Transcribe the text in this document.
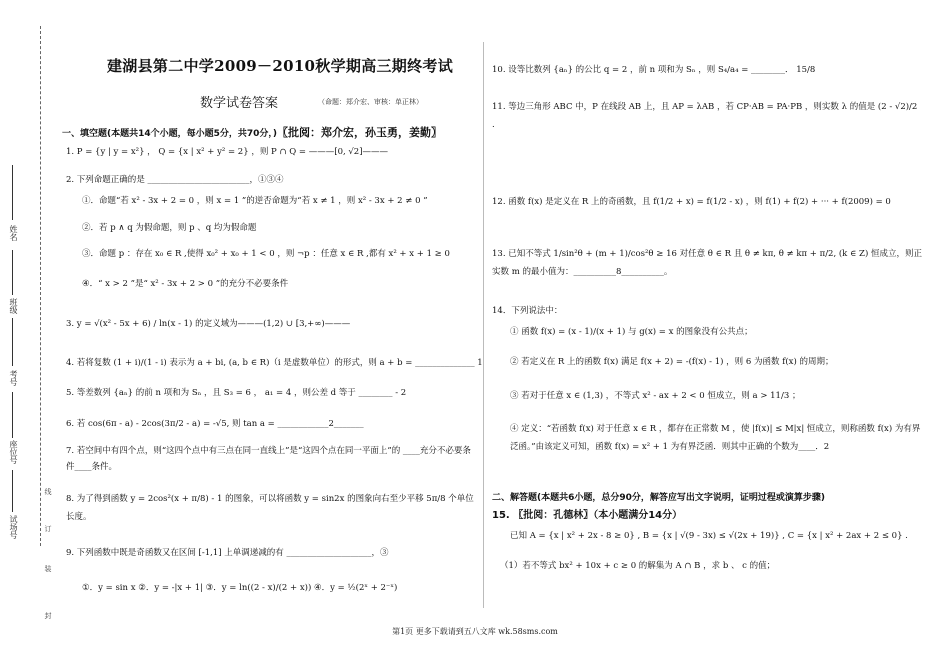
姓名
班级
考号
座位号
试场号
线
订
装
封
建湖县第二中学2009－2010秋学期高三期终考试
数学试卷答案	（命题：郑介宏、审核：单正林）
一、填空题(本题共14个小题，每小题5分，共70分，)〖批阅：郑介宏，孙玉勇，姜勤〗
1. P = {y | y = x²} ， Q = {x | x² + y² = 2} ，则 P ∩ Q = ———[0, √2]———
2. 下列命题正确的是 ________________________，①③④
①．命题“若 x² - 3x + 2 = 0 ，则 x = 1 ”的逆否命题为“若 x ≠ 1 ，则 x² - 3x + 2 ≠ 0 ”
②．若 p ∧ q 为假命题，则 p 、q 均为假命题
③．命题 p ：存在 x₀ ∈ R ,使得 x₀² + x₀ + 1 < 0 ，则 ¬p ：任意 x ∈ R ,都有 x² + x + 1 ≥ 0
④．“ x > 2 ”是“ x² - 3x + 2 > 0 ”的充分不必要条件
3. y = √(x² - 5x + 6) / ln(x - 1) 的定义域为———(1,2) ∪ [3,+∞)———
4. 若将复数 (1 + i)/(1 - i) 表示为 a + bi, (a, b ∈ R)（i 是虚数单位）的形式，则 a + b = ______________ 1
5. 等差数列 {aₙ} 的前 n 项和为 Sₙ ，且 S₃ = 6 ， a₁ = 4 ，则公差 d 等于 ________ - 2
6. 若 cos(6π - a) - 2cos(3π/2 - a) = -√5, 则 tan a = ____________2_______
7. 若空间中有四个点，则“这四个点中有三点在同一直线上”是“这四个点在同一平面上”的 ____充分不必要条件____条件。
8. 为了得到函数 y = 2cos²(x + π/8) - 1 的图象，可以将函数 y = sin2x 的图象向右至少平移 5π/8 个单位长度。
9. 下列函数中既是奇函数又在区间 [-1,1] 上单调递减的有 ____________________，③
①．y = sin x ②．y = -|x + 1| ③．y = ln((2 - x)/(2 + x)) ④．y = ½(2ˣ + 2⁻ˣ)
10. 设等比数列 {aₙ} 的公比 q = 2 ，前 n 项和为 Sₙ ，则 S₄/a₄ = ________． 15/8
11. 等边三角形 ABC 中，P 在线段 AB 上，且 AP = λAB ，若 CP·AB = PA·PB ，则实数 λ 的值是 (2 - √2)/2 .
12. 函数 f(x) 是定义在 R 上的奇函数，且 f(1/2 + x) = f(1/2 - x) ，则 f(1) + f(2) + ··· + f(2009) = 0
13. 已知不等式 1/sin²θ + (m + 1)/cos²θ ≥ 16 对任意 θ ∈ R 且 θ ≠ kπ, θ ≠ kπ + π/2, (k ∈ Z) 恒成立，则正实数 m 的最小值为：__________8__________。
14．下列说法中：
① 函数 f(x) = (x - 1)/(x + 1) 与 g(x) = x 的图象没有公共点；
② 若定义在 R 上的函数 f(x) 满足 f(x + 2) = -(f(x) - 1) ，则 6 为函数 f(x) 的周期；
③ 若对于任意 x ∈ (1,3) ，不等式 x² - ax + 2 < 0 恒成立，则 a > 11/3 ；
④ 定义：“若函数 f(x) 对于任意 x ∈ R ，都存在正常数 M ，使 |f(x)| ≤ M|x| 恒成立，则称函数 f(x) 为有界泛函。”由该定义可知，函数 f(x) = x² + 1 为有界泛函．则其中正确的个数为____．2
二、解答题(本题共6小题，总分90分，解答应写出文字说明，证明过程或演算步骤)
15. 〖批阅：孔德林〗（本小题满分14分）
已知 A = {x | x² + 2x - 8 ≥ 0} , B = {x | √(9 - 3x) ≤ √(2x + 19)} , C = {x | x² + 2ax + 2 ≤ 0} .
（1）若不等式 bx² + 10x + c ≥ 0 的解集为 A ∩ B ，求 b 、 c 的值；
第1页 更多下载请到五八文库 wk.58sms.com
